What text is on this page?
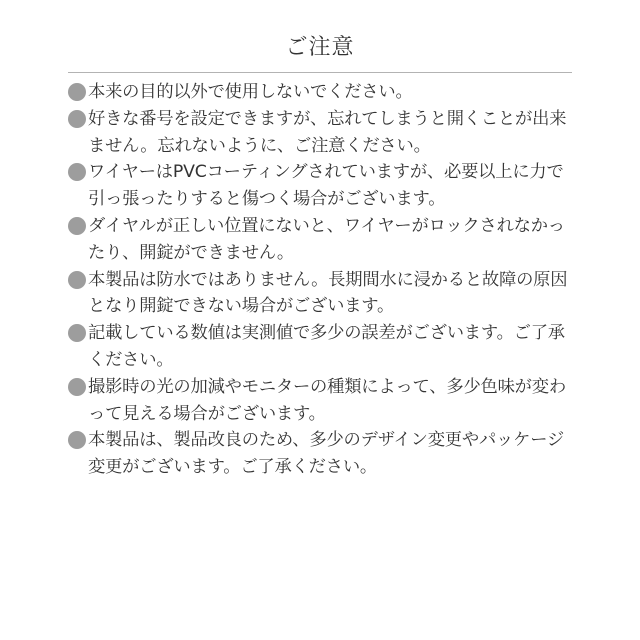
ご注意
本来の目的以外で使用しないでください。
好きな番号を設定できますが、忘れてしまうと開くことが出来ません。忘れないように、ご注意ください。
ワイヤーはPVCコーティングされていますが、必要以上に力で引っ張ったりすると傷つく場合がございます。
ダイヤルが正しい位置にないと、ワイヤーがロックされなかったり、開錠ができません。
本製品は防水ではありません。長期間水に浸かると故障の原因となり開錠できない場合がございます。
記載している数値は実測値で多少の誤差がございます。ご了承ください。
撮影時の光の加減やモニターの種類によって、多少色味が変わって見える場合がございます。
本製品は、製品改良のため、多少のデザイン変更やパッケージ変更がございます。ご了承ください。
